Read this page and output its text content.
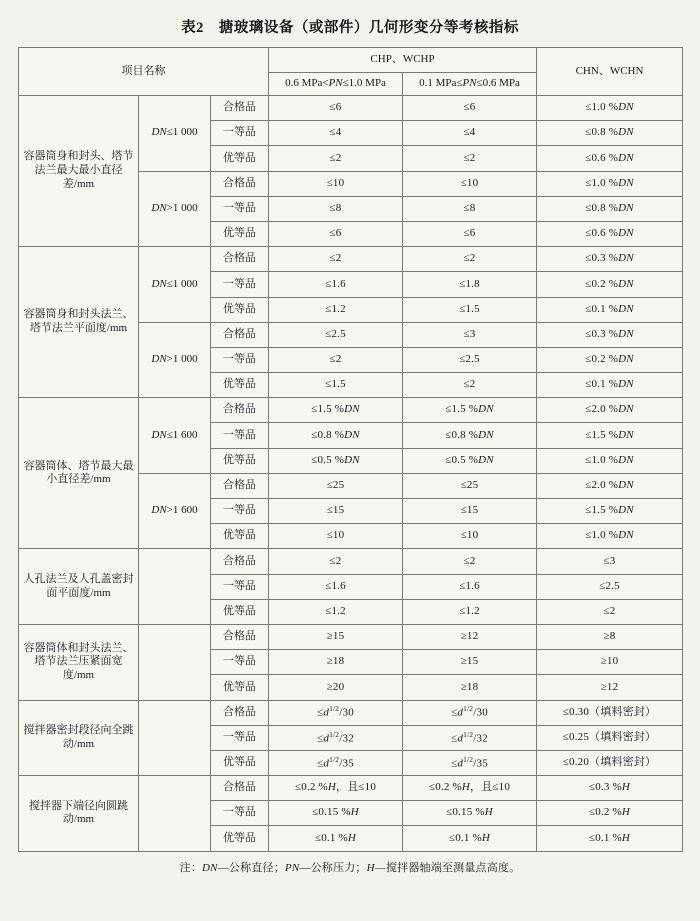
表2　搪玻璃设备（或部件）几何形变分等考核指标
项目名称			CHP、WCHP		CHN、WCHN
			0.6 MPa<PN≤1.0 MPa	0.1 MPa≤PN≤0.6 MPa	
容器筒身和封头、塔节法兰最大最小直径差/mm	DN≤1 000	合格品	≤6	≤6	≤1.0 %DN
		一等品	≤4	≤4	≤0.8 %DN
		优等品	≤2	≤2	≤0.6 %DN
	DN>1 000	合格品	≤10	≤10	≤1.0 %DN
		一等品	≤8	≤8	≤0.8 %DN
		优等品	≤6	≤6	≤0.6 %DN
容器筒身和封头法兰、塔节法兰平面度/mm	DN≤1 000	合格品	≤2	≤2	≤0.3 %DN
		一等品	≤1.6	≤1.8	≤0.2 %DN
		优等品	≤1.2	≤1.5	≤0.1 %DN
	DN>1 000	合格品	≤2.5	≤3	≤0.3 %DN
		一等品	≤2	≤2.5	≤0.2 %DN
		优等品	≤1.5	≤2	≤0.1 %DN
容器筒体、塔节最大最小直径差/mm	DN≤1 600	合格品	≤1.5 %DN	≤1.5 %DN	≤2.0 %DN
		一等品	≤0.8 %DN	≤0.8 %DN	≤1.5 %DN
		优等品	≤0.5 %DN	≤0.5 %DN	≤1.0 %DN
	DN>1 600	合格品	≤25	≤25	≤2.0 %DN
		一等品	≤15	≤15	≤1.5 %DN
		优等品	≤10	≤10	≤1.0 %DN
人孔法兰及人孔盖密封面平面度/mm		合格品	≤2	≤2	≤3
		一等品	≤1.6	≤1.6	≤2.5
		优等品	≤1.2	≤1.2	≤2
容器筒体和封头法兰、塔节法兰压紧面宽度/mm		合格品	≥15	≥12	≥8
		一等品	≥18	≥15	≥10
		优等品	≥20	≥18	≥12
搅拌器密封段径向全跳动/mm		合格品	$\le d^{1/2}/30$	$\le d^{1/2}/30$	≤0.30（填料密封）
		一等品	$\le d^{1/2}/32$	$\le d^{1/2}/32$	≤0.25（填料密封）
		优等品	$\le d^{1/2}/35$	$\le d^{1/2}/35$	≤0.20（填料密封）
搅拌器下端径向圆跳动/mm		合格品	≤0.2 %H，且≤10	≤0.2 %H，且≤10	≤0.3 %H
		一等品	≤0.15 %H	≤0.15 %H	≤0.2 %H
		优等品	≤0.1 %H	≤0.1 %H	≤0.1 %H
注：DN—公称直径；PN—公称压力；H—搅拌器轴端至测量点高度。
